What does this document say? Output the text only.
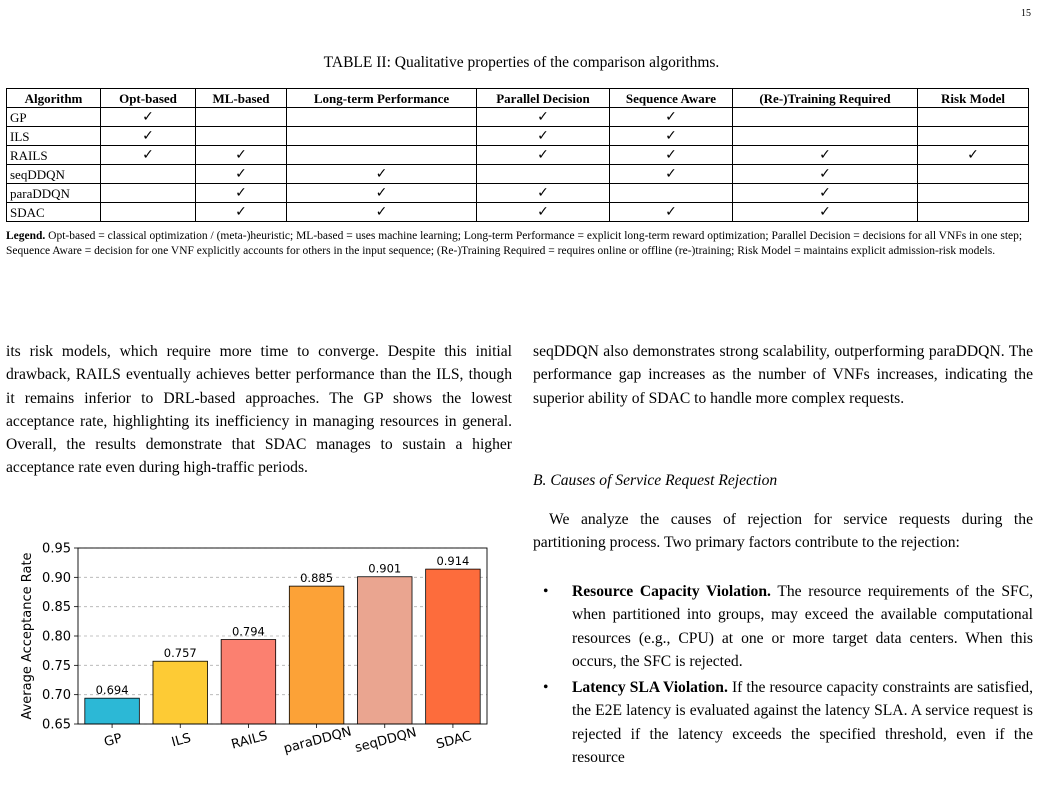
15
TABLE II: Qualitative properties of the comparison algorithms.
Algorithm	Opt-based	ML-based	Long-term Performance	Parallel Decision	Sequence Aware	(Re-)Training Required	Risk Model
GP	✓			✓	✓		
ILS	✓			✓	✓		
RAILS	✓	✓		✓	✓	✓	✓
seqDDQN		✓	✓		✓	✓	
paraDDQN		✓	✓	✓		✓	
SDAC		✓	✓	✓	✓	✓	
Legend. Opt-based = classical optimization / (meta-)heuristic; ML-based = uses machine learning; Long-term Performance = explicit long-term reward optimization; Parallel Decision = decisions for all VNFs in one step; Sequence Aware = decision for one VNF explicitly accounts for others in the input sequence; (Re-)Training Required = requires online or offline (re-)training; Risk Model = maintains explicit admission-risk models.
its risk models, which require more time to converge. Despite this initial drawback, RAILS eventually achieves better performance than the ILS, though it remains inferior to DRL-based approaches. The GP shows the lowest acceptance rate, highlighting its inefficiency in managing resources in general. Overall, the results demonstrate that SDAC manages to sustain a higher acceptance rate even during high-traffic periods.
seqDDQN also demonstrates strong scalability, outperforming paraDDQN. The performance gap increases as the number of VNFs increases, indicating the superior ability of SDAC to handle more complex requests.
B. Causes of Service Request Rejection
We analyze the causes of rejection for service requests during the partitioning process. Two primary factors contribute to the rejection:
• Resource Capacity Violation. The resource requirements of the SFC, when partitioned into groups, may exceed the available computational resources (e.g., CPU) at one or more target data centers. When this occurs, the SFC is rejected.
• Latency SLA Violation. If the resource capacity constraints are satisfied, the E2E latency is evaluated against the latency SLA. A service request is rejected if the latency exceeds the specified threshold, even if the resource
0.65
0.70
0.75
0.80
0.85
0.90
0.95
0.694
GP
0.757
ILS
0.794
RAILS
0.885
paraDDQN
0.901
seqDDQN
0.914
SDAC
Average Acceptance Rate
